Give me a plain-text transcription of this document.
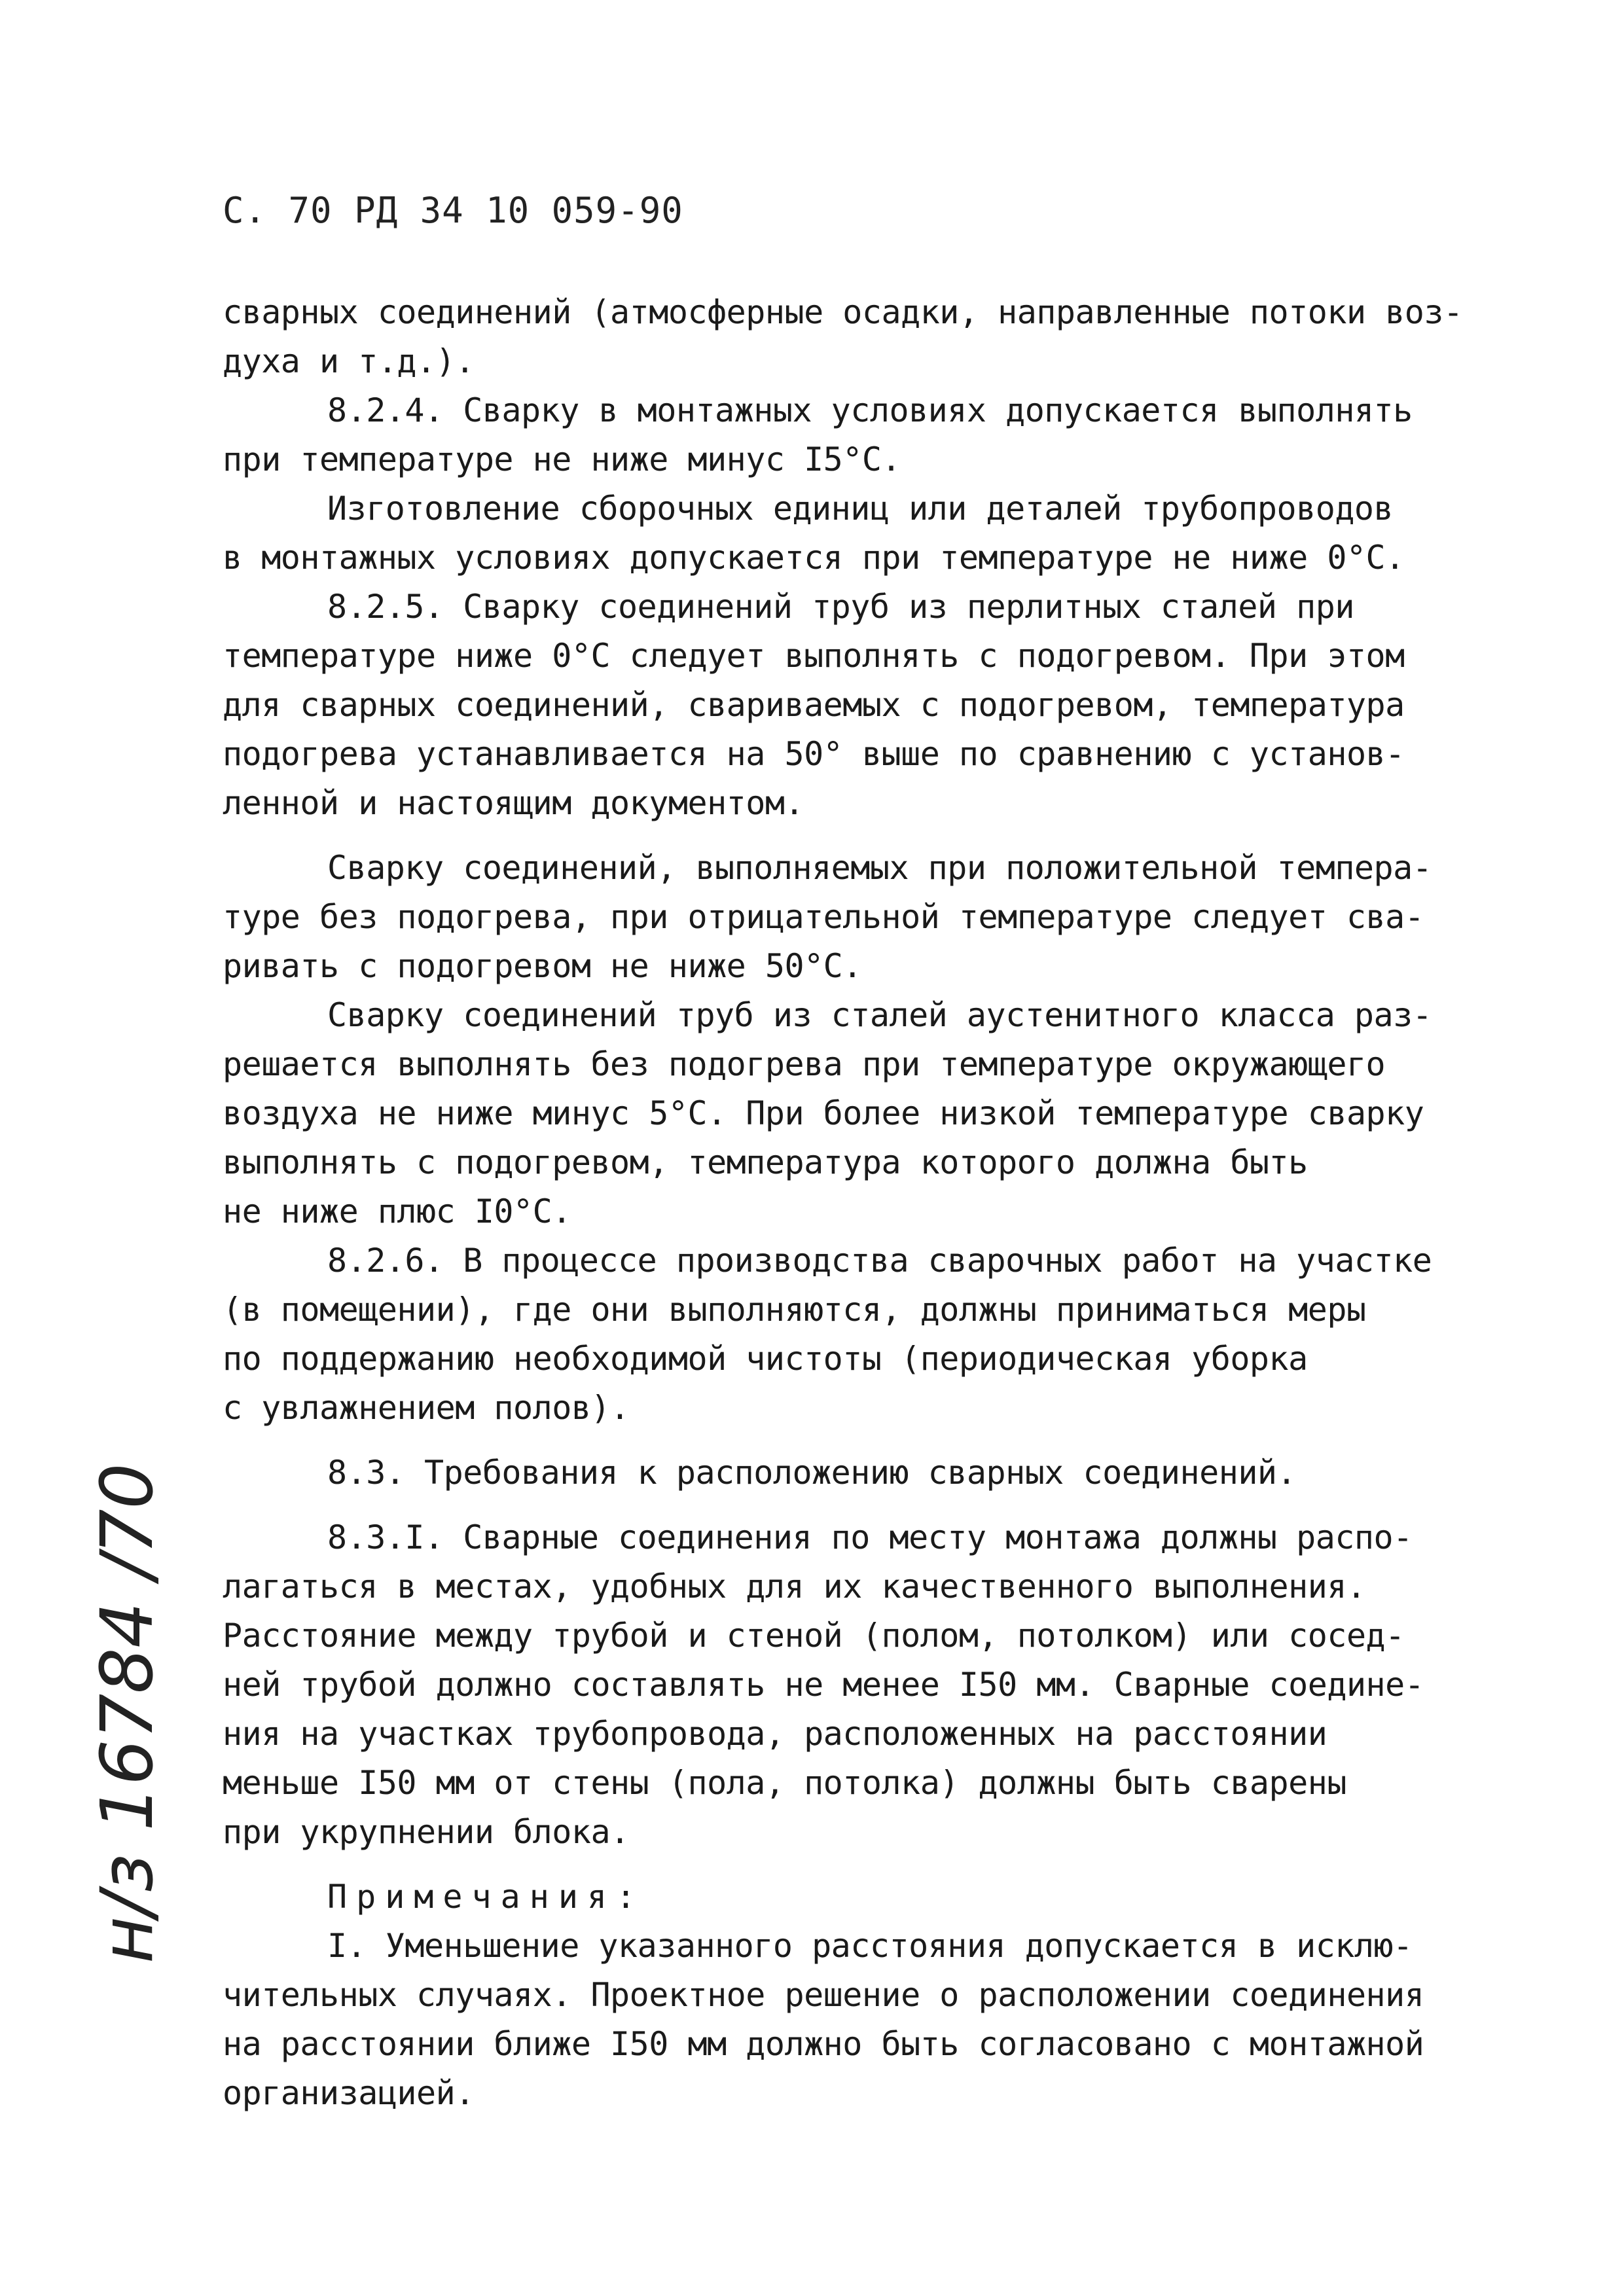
С. 70 РД 34 10 059-90
сварных соединений (атмосферные осадки, направленные потоки воз-
духа и т.д.).
8.2.4. Сварку в монтажных условиях допускается выполнять
при температуре не ниже минус I5°С.
Изготовление сборочных единиц или деталей трубопроводов
в монтажных условиях допускается при температуре не ниже 0°С.
8.2.5. Сварку соединений труб из перлитных сталей при
температуре ниже 0°С следует выполнять с подогревом. При этом
для сварных соединений, свариваемых с подогревом, температура
подогрева устанавливается на 50° выше по сравнению с установ-
ленной и настоящим документом.
Сварку соединений, выполняемых при положительной темпера-
туре без подогрева, при отрицательной температуре следует сва-
ривать с подогревом не ниже 50°С.
Сварку соединений труб из сталей аустенитного класса раз-
решается выполнять без подогрева при температуре окружающего
воздуха не ниже минус 5°С. При более низкой температуре сварку
выполнять с подогревом, температура которого должна быть
не ниже плюс I0°С.
8.2.6. В процессе производства сварочных работ на участке
(в помещении), где они выполняются, должны приниматься меры
по поддержанию необходимой чистоты (периодическая уборка
с увлажнением полов).
8.3. Требования к расположению сварных соединений.
8.3.I. Сварные соединения по месту монтажа должны распо-
лагаться в местах, удобных для их качественного выполнения.
Расстояние между трубой и стеной (полом, потолком) или сосед-
ней трубой должно составлять не менее I50 мм. Сварные соедине-
ния на участках трубопровода, расположенных на расстоянии
меньше I50 мм от стены (пола, потолка) должны быть сварены
при укрупнении блока.
Примечания:
I. Уменьшение указанного расстояния допускается в исклю-
чительных случаях. Проектное решение о расположении соединения
на расстоянии ближе I50 мм должно быть согласовано с монтажной
организацией.
н/з 16784 /70
